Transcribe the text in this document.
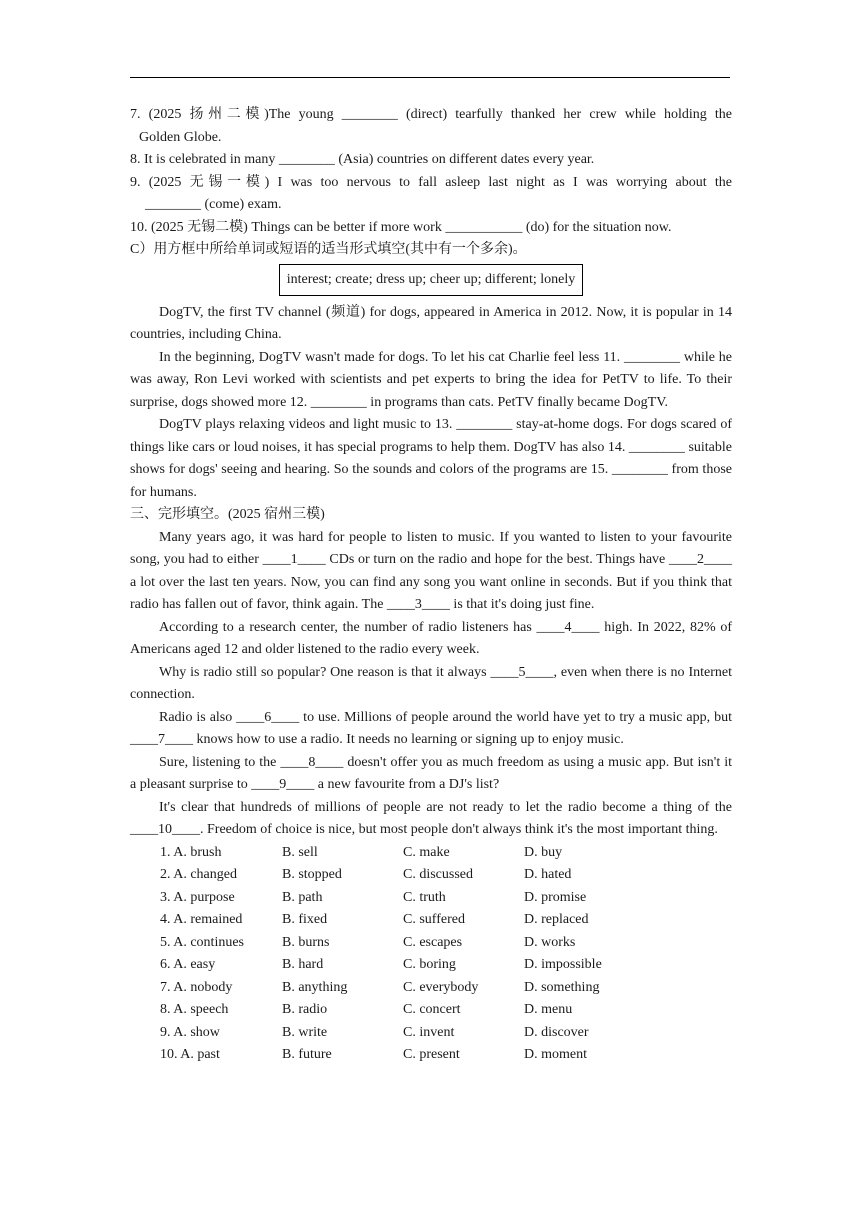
7. (2025 扬州二模)The young ________ (direct) tearfully thanked her crew while holding the

Golden Globe.

8. It is celebrated in many ________ (Asia) countries on different dates every year.

9. (2025 无锡一模) I was too nervous to fall asleep last night as I was worrying about the

________ (come) exam.

10. (2025 无锡二模) Things can be better if more work ___________ (do) for the situation now.

C）用方框中所给单词或短语的适当形式填空(其中有一个多余)。

interest; create; dress up; cheer up; different; lonely

DogTV, the first TV channel (频道) for dogs, appeared in America in 2012. Now, it is popular in 14 countries, including China.

In the beginning, DogTV wasn't made for dogs. To let his cat Charlie feel less 11. ________ while he was away, Ron Levi worked with scientists and pet experts to bring the idea for PetTV to life. To their surprise, dogs showed more 12. ________ in programs than cats. PetTV finally became DogTV.

DogTV plays relaxing videos and light music to 13. ________ stay-at-home dogs. For dogs scared of things like cars or loud noises, it has special programs to help them. DogTV has also 14. ________ suitable shows for dogs' seeing and hearing. So the sounds and colors of the programs are 15. ________ from those for humans.

三、完形填空。(2025 宿州三模)

Many years ago, it was hard for people to listen to music. If you wanted to listen to your favourite song, you had to either ____1____ CDs or turn on the radio and hope for the best. Things have ____2____ a lot over the last ten years. Now, you can find any song you want online in seconds. But if you think that radio has fallen out of favor, think again. The ____3____ is that it's doing just fine.

According to a research center, the number of radio listeners has ____4____ high. In 2022, 82% of Americans aged 12 and older listened to the radio every week.

Why is radio still so popular? One reason is that it always ____5____, even when there is no Internet connection.

Radio is also ____6____ to use. Millions of people around the world have yet to try a music app, but ____7____ knows how to use a radio. It needs no learning or signing up to enjoy music.

Sure, listening to the ____8____ doesn't offer you as much freedom as using a music app. But isn't it a pleasant surprise to ____9____ a new favourite from a DJ's list?

It's clear that hundreds of millions of people are not ready to let the radio become a thing of the ____10____. Freedom of choice is nice, but most people don't always think it's the most important thing.

1. A. brush	B. sell	C. make	D. buy
2. A. changed	B. stopped	C. discussed	D. hated
3. A. purpose	B. path	C. truth	D. promise
4. A. remained	B. fixed	C. suffered	D. replaced
5. A. continues	B. burns	C. escapes	D. works
6. A. easy	B. hard	C. boring	D. impossible
7. A. nobody	B. anything	C. everybody	D. something
8. A. speech	B. radio	C. concert	D. menu
9. A. show	B. write	C. invent	D. discover
10. A. past	B. future	C. present	D. moment
